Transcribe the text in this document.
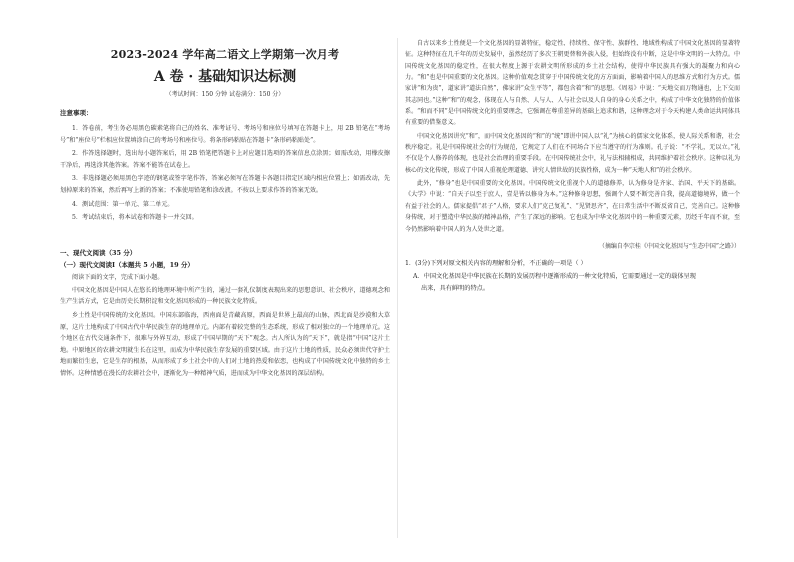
2023-2024 学年高二语文上学期第一次月考
A 卷 · 基础知识达标测
（考试时间：150 分钟 试卷满分：150 分）
注意事项：

1．答卷前，考生务必用黑色碳素笔将自己的姓名、准考证号、考场号和座位号填写在答题卡上，用 2B 铅笔在“考场号”和“座位号”栏相应位置填涂自己的考场号和座位号。将条形码粘贴在答题卡“条形码粘贴处”。

2．作答选择题时，选出每小题答案后，用 2B 铅笔把答题卡上对应题目选项的答案信息点涂黑；如需改动，用橡皮擦干净后，再选涂其他答案。答案不能答在试卷上。

3．非选择题必须用黑色字迹的钢笔或签字笔作答，答案必须写在答题卡各题目指定区域内相应位置上；如需改动，先划掉原来的答案，然后再写上新的答案；不准使用铅笔和涂改液。不按以上要求作答的答案无效。

4．测试范围：第一单元、第二单元。

5．考试结束后，将本试卷和答题卡一并交回。

一、现代文阅读（35 分）
（一）现代文阅读Ⅰ（本题共 5 小题，19 分）
阅读下面的文字，完成下面小题。

中国文化基因是中国人在悠长的地理环境中所产生的，通过一套礼仪制度表现出来的思想意识、社会秩序，道德观念和生产生活方式，它是由历史长期积淀和文化基因形成的一种民族文化特质。

乡土性是中国传统的文化基因。中国东部临海，西南面是青藏高原，西面是世界上最高的山脉，西北面是沙漠和大草原，这片土地构成了中国古代中华民族生存的地理单元。内部有着较完整的生态系统，形成了相对独立的一个地理单元。这个地区在古代交通条件下，很难与外界互动，形成了中国早期的“天下”观念。古人所认为的“天下”，就是指“中国”这片土地。中原地区的农耕文明就生长在这里，而成为中华民族生存发展的重要区域。由于这片土地的性质，民众必须世代守护土地而繁衍生息，它是生存的根基，从而形成了乡土社会中的人们对土地的热爱和依恋，也构成了中国传统文化中独特的乡土情怀。这种情感在漫长的农耕社会中，逐渐化为一种精神气质，进而成为中华文化基因的深层结构。

自古以来乡土性便是一个文化基因的显著特征，稳定性、持续性、保守性、族群性、地域性构成了中国文化基因的显著特征。这种特征在几千年的历史发展中，虽然经历了多次王朝更替和外族入侵，但始终没有中断，这是中华文明的一大特点。中国传统文化基因的稳定性，在很大程度上源于农耕文明所形成的乡土社会结构，使得中华民族具有强大的凝聚力和向心力。“和”也是中国重要的文化基因。这种价值观念贯穿于中国传统文化的方方面面，影响着中国人的思维方式和行为方式。儒家讲“和为贵”，道家讲“道法自然”，佛家讲“众生平等”，都包含着“和”的思想。《周易》中说：“天地交而万物通也，上下交而其志同也。”这种“和”的观念，体现在人与自然、人与人、人与社会以及人自身的身心关系之中，构成了中华文化独特的价值体系。“和而不同”是中国传统文化的重要理念，它强调在尊重差异的基础上追求和谐，这种理念对于今天构建人类命运共同体具有重要的借鉴意义。

中国文化基因讲究“和”，而中国文化基因的“和”的“统”即讲中国人以“礼”为核心的儒家文化体系，使人际关系和谐，社会秩序稳定。礼是中国传统社会的行为规范，它规定了人们在不同场合下应当遵守的行为准则。孔子说：“不学礼，无以立。”礼不仅是个人修养的体现，也是社会治理的重要手段。在中国传统社会中，礼与法相辅相成，共同维护着社会秩序。这种以礼为核心的文化传统，形成了中国人重视伦理道德、讲究人情世故的民族性格，成为一种“天地人和”的社会秩序。

此外，“修身”也是中国重要的文化基因。中国传统文化重视个人的道德修养，认为修身是齐家、治国、平天下的基础。《大学》中说：“自天子以至于庶人，壹是皆以修身为本。”这种修身思想，强调个人要不断完善自我，提高道德境界，做一个有益于社会的人。儒家提倡“君子”人格，要求人们“克己复礼”、“见贤思齐”，在日常生活中不断反省自己，完善自己。这种修身传统，对于塑造中华民族的精神品格，产生了深远的影响。它也成为中华文化基因中的一种重要元素，历经千年而不衰，至今仍然影响着中国人的为人处世之道。

（摘编自李宗桂《中国文化基因与“生态中国”之路》）

1．(3分)下列对原文相关内容的理解和分析，不正确的一项是（ ）

A．中国文化基因是中华民族在长期的发展历程中逐渐形成的一种文化特质，它需要通过一定的载体呈现

出来，具有鲜明的特点。
